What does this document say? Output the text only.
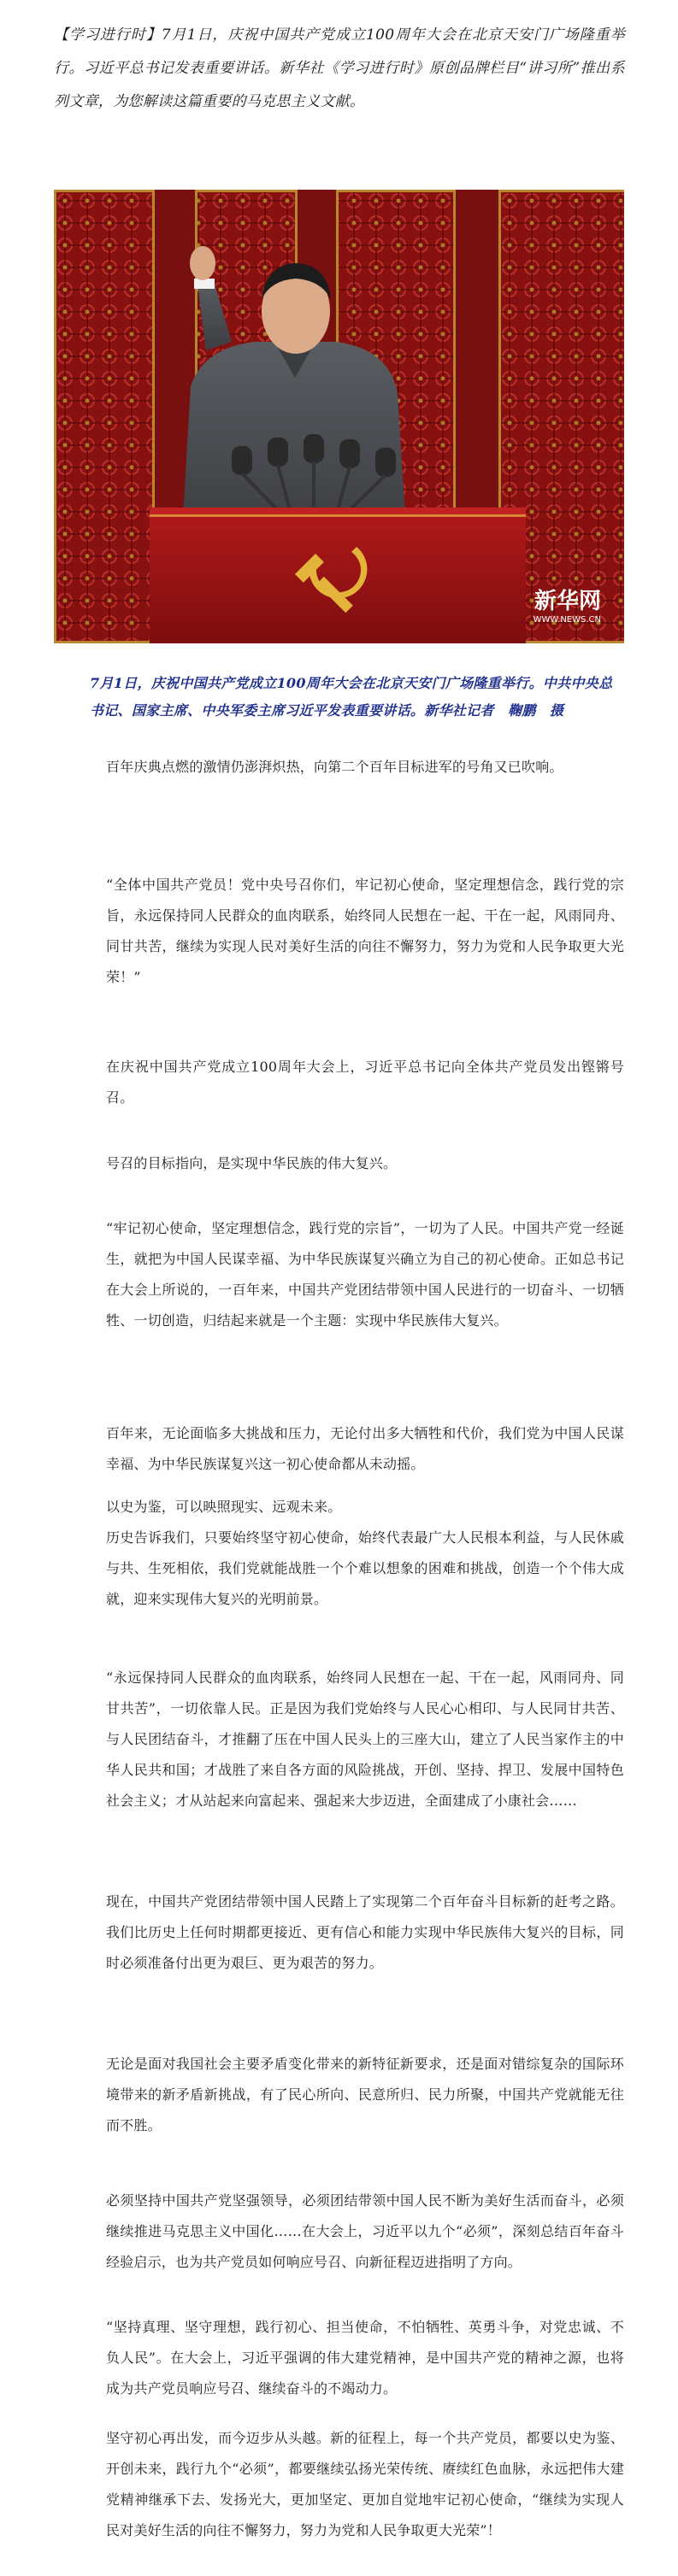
【学习进行时】7月1日，庆祝中国共产党成立100周年大会在北京天安门广场隆重举行。习近平总书记发表重要讲话。新华社《学习进行时》原创品牌栏目“讲习所”推出系列文章，为您解读这篇重要的马克思主义文献。
新华网
WWW.NEWS.CN
7月1日，庆祝中国共产党成立100周年大会在北京天安门广场隆重举行。中共中央总书记、国家主席、中央军委主席习近平发表重要讲话。新华社记者　鞠鹏　摄
百年庆典点燃的激情仍澎湃炽热，向第二个百年目标进军的号角又已吹响。
“全体中国共产党员！党中央号召你们，牢记初心使命，坚定理想信念，践行党的宗旨，永远保持同人民群众的血肉联系，始终同人民想在一起、干在一起，风雨同舟、同甘共苦，继续为实现人民对美好生活的向往不懈努力，努力为党和人民争取更大光荣！”
在庆祝中国共产党成立100周年大会上，习近平总书记向全体共产党员发出铿锵号召。
号召的目标指向，是实现中华民族的伟大复兴。
“牢记初心使命，坚定理想信念，践行党的宗旨”，一切为了人民。中国共产党一经诞生，就把为中国人民谋幸福、为中华民族谋复兴确立为自己的初心使命。正如总书记在大会上所说的，一百年来，中国共产党团结带领中国人民进行的一切奋斗、一切牺牲、一切创造，归结起来就是一个主题：实现中华民族伟大复兴。
百年来，无论面临多大挑战和压力，无论付出多大牺牲和代价，我们党为中国人民谋幸福、为中华民族谋复兴这一初心使命都从未动摇。
以史为鉴，可以映照现实、远观未来。
历史告诉我们，只要始终坚守初心使命，始终代表最广大人民根本利益，与人民休戚与共、生死相依，我们党就能战胜一个个难以想象的困难和挑战，创造一个个伟大成就，迎来实现伟大复兴的光明前景。
“永远保持同人民群众的血肉联系，始终同人民想在一起、干在一起，风雨同舟、同甘共苦”，一切依靠人民。正是因为我们党始终与人民心心相印、与人民同甘共苦、与人民团结奋斗，才推翻了压在中国人民头上的三座大山，建立了人民当家作主的中华人民共和国；才战胜了来自各方面的风险挑战，开创、坚持、捍卫、发展中国特色社会主义；才从站起来向富起来、强起来大步迈进，全面建成了小康社会……
现在，中国共产党团结带领中国人民踏上了实现第二个百年奋斗目标新的赶考之路。我们比历史上任何时期都更接近、更有信心和能力实现中华民族伟大复兴的目标，同时必须准备付出更为艰巨、更为艰苦的努力。
无论是面对我国社会主要矛盾变化带来的新特征新要求，还是面对错综复杂的国际环境带来的新矛盾新挑战，有了民心所向、民意所归、民力所聚，中国共产党就能无往而不胜。
必须坚持中国共产党坚强领导，必须团结带领中国人民不断为美好生活而奋斗，必须继续推进马克思主义中国化……在大会上，习近平以九个“必须”，深刻总结百年奋斗经验启示，也为共产党员如何响应号召、向新征程迈进指明了方向。
“坚持真理、坚守理想，践行初心、担当使命，不怕牺牲、英勇斗争，对党忠诚、不负人民”。在大会上，习近平强调的伟大建党精神，是中国共产党的精神之源，也将成为共产党员响应号召、继续奋斗的不竭动力。
坚守初心再出发，而今迈步从头越。新的征程上，每一个共产党员，都要以史为鉴、开创未来，践行九个“必须”，都要继续弘扬光荣传统、赓续红色血脉，永远把伟大建党精神继承下去、发扬光大，更加坚定、更加自觉地牢记初心使命，“继续为实现人民对美好生活的向往不懈努力，努力为党和人民争取更大光荣”！
